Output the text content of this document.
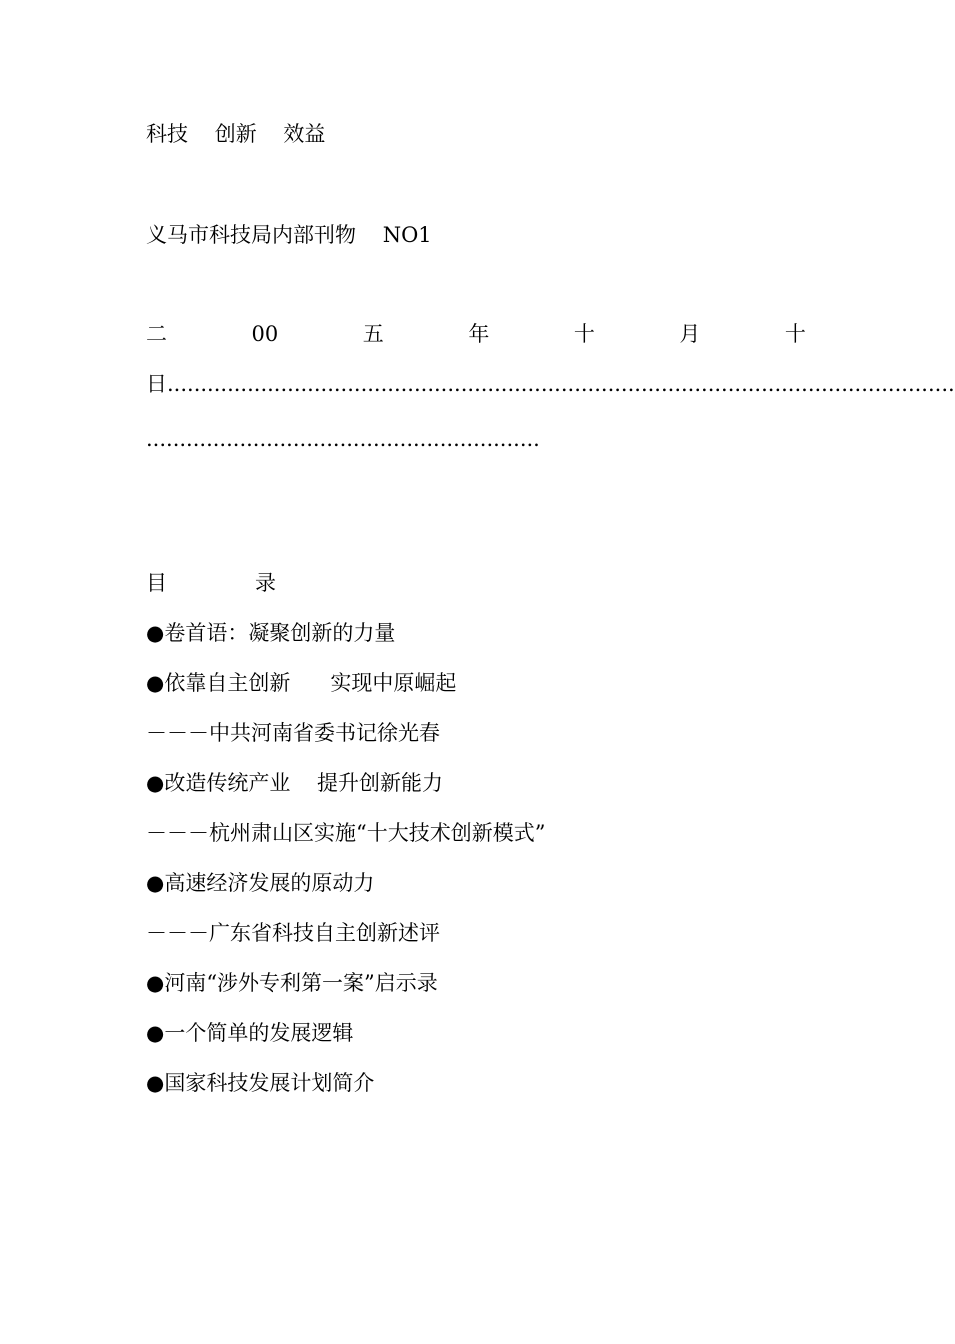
科技    创新    效益
义马市科技局内部刊物    NO1
二	00	五	年	十	月	十
日......................................................................................................................
...........................................................
目	录
●卷首语：凝聚创新的力量
●依靠自主创新      实现中原崛起
－－－中共河南省委书记徐光春
●改造传统产业    提升创新能力
－－－杭州肃山区实施“十大技术创新模式”
●高速经济发展的原动力
－－－广东省科技自主创新述评
●河南“涉外专利第一案”启示录
●一个简单的发展逻辑
●国家科技发展计划简介
